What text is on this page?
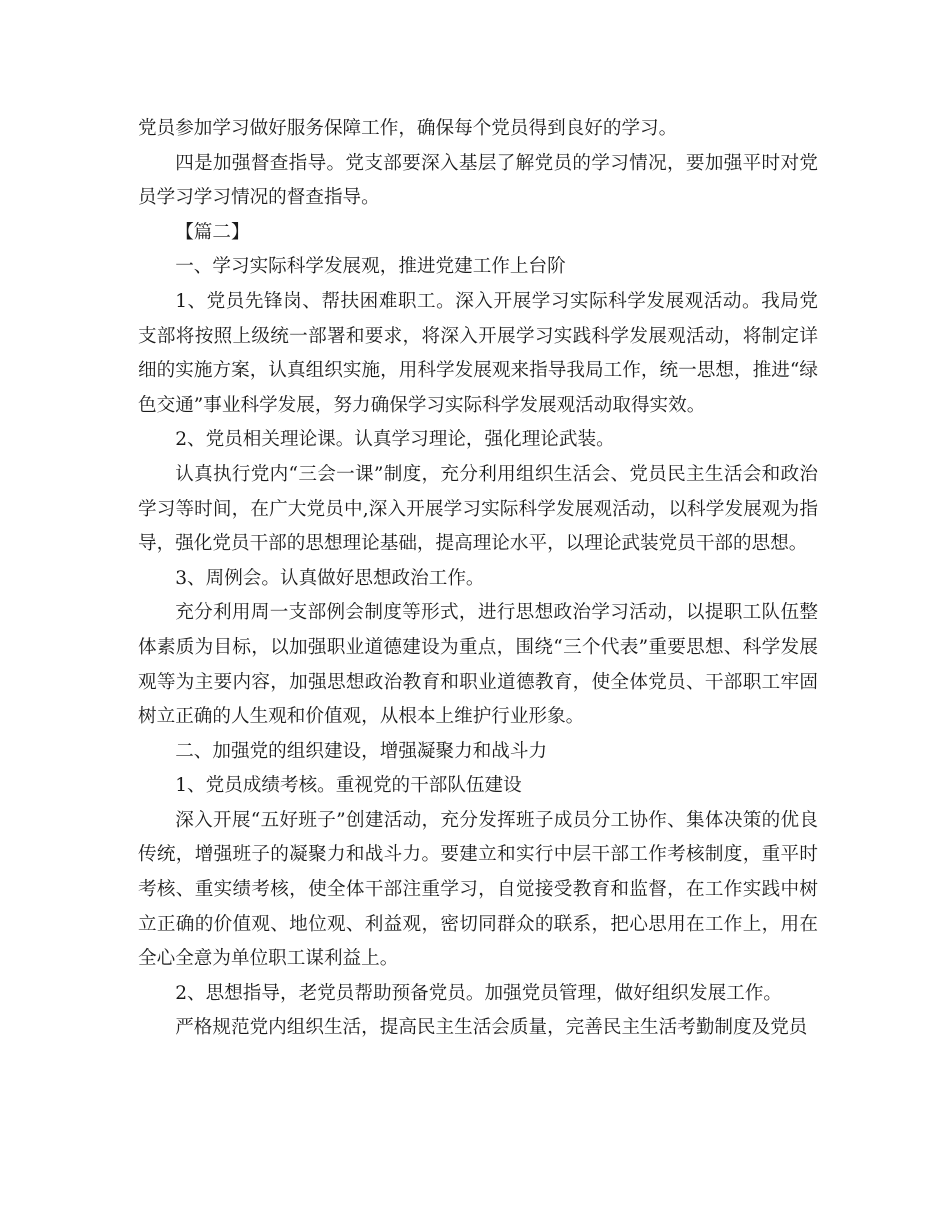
党员参加学习做好服务保障工作，确保每个党员得到良好的学习。

四是加强督查指导。党支部要深入基层了解党员的学习情况，要加强平时对党员学习学习情况的督查指导。

【篇二】

一、学习实际科学发展观，推进党建工作上台阶

1、党员先锋岗、帮扶困难职工。深入开展学习实际科学发展观活动。我局党支部将按照上级统一部署和要求，将深入开展学习实践科学发展观活动，将制定详细的实施方案，认真组织实施，用科学发展观来指导我局工作，统一思想，推进“绿色交通”事业科学发展，努力确保学习实际科学发展观活动取得实效。

2、党员相关理论课。认真学习理论，强化理论武装。

认真执行党内“三会一课”制度，充分利用组织生活会、党员民主生活会和政治学习等时间，在广大党员中,深入开展学习实际科学发展观活动，以科学发展观为指导，强化党员干部的思想理论基础，提高理论水平，以理论武装党员干部的思想。

3、周例会。认真做好思想政治工作。

充分利用周一支部例会制度等形式，进行思想政治学习活动，以提职工队伍整体素质为目标，以加强职业道德建设为重点，围绕“三个代表”重要思想、科学发展观等为主要内容，加强思想政治教育和职业道德教育，使全体党员、干部职工牢固树立正确的人生观和价值观，从根本上维护行业形象。

二、加强党的组织建设，增强凝聚力和战斗力

1、党员成绩考核。重视党的干部队伍建设

深入开展“五好班子”创建活动，充分发挥班子成员分工协作、集体决策的优良传统，增强班子的凝聚力和战斗力。要建立和实行中层干部工作考核制度，重平时考核、重实绩考核，使全体干部注重学习，自觉接受教育和监督，在工作实践中树立正确的价值观、地位观、利益观，密切同群众的联系，把心思用在工作上，用在全心全意为单位职工谋利益上。

2、思想指导，老党员帮助预备党员。加强党员管理，做好组织发展工作。

严格规范党内组织生活，提高民主生活会质量，完善民主生活考勤制度及党员
